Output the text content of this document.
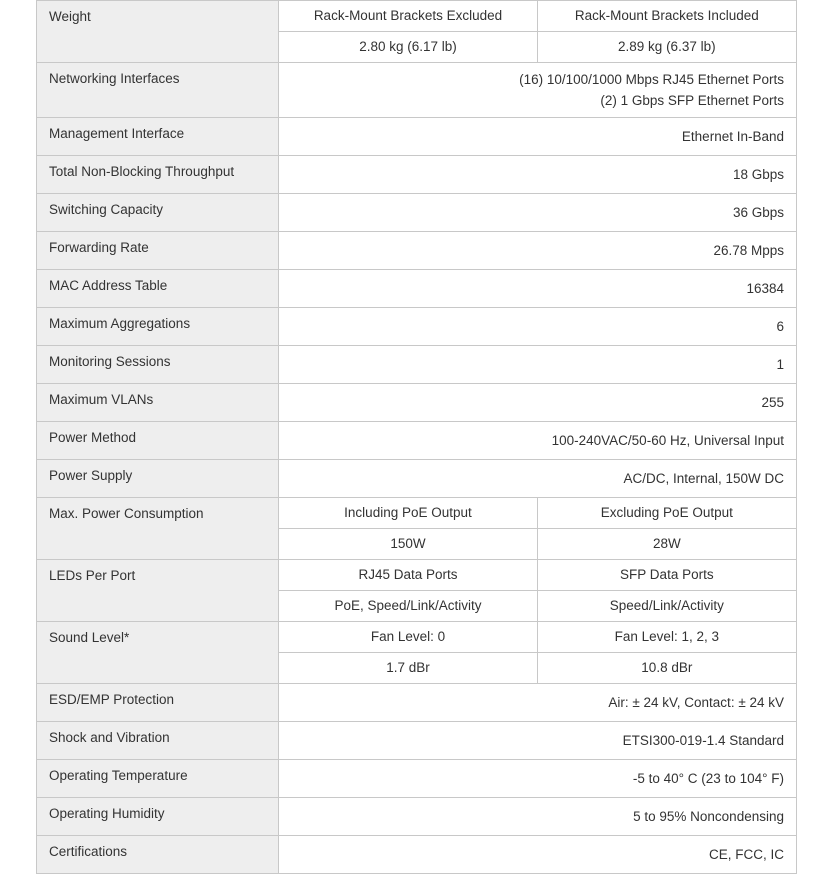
Weight	Rack-Mount Brackets Excluded	Rack-Mount Brackets Included
	2.80 kg (6.17 lb)	2.89 kg (6.37 lb)
Networking Interfaces	(16) 10/100/1000 Mbps RJ45 Ethernet Ports
(2) 1 Gbps SFP Ethernet Ports	

Management Interface	Ethernet In-Band	
Total Non-Blocking Throughput	18 Gbps	
Switching Capacity	36 Gbps	
Forwarding Rate	26.78 Mpps	
MAC Address Table	16384	
Maximum Aggregations	6	
Monitoring Sessions	1	
Maximum VLANs	255	
Power Method	100-240VAC/50-60 Hz, Universal Input	
Power Supply	AC/DC, Internal, 150W DC	
Max. Power Consumption	Including PoE Output	Excluding PoE Output
	150W	28W
LEDs Per Port	RJ45 Data Ports	SFP Data Ports
	PoE, Speed/Link/Activity	Speed/Link/Activity
Sound Level*	Fan Level: 0	Fan Level: 1, 2, 3
	1.7 dBr	10.8 dBr
ESD/EMP Protection	Air: ± 24 kV, Contact: ± 24 kV	
Shock and Vibration	ETSI300-019-1.4 Standard	
Operating Temperature	-5 to 40° C (23 to 104° F)	
Operating Humidity	5 to 95% Noncondensing	
Certifications	CE, FCC, IC	
